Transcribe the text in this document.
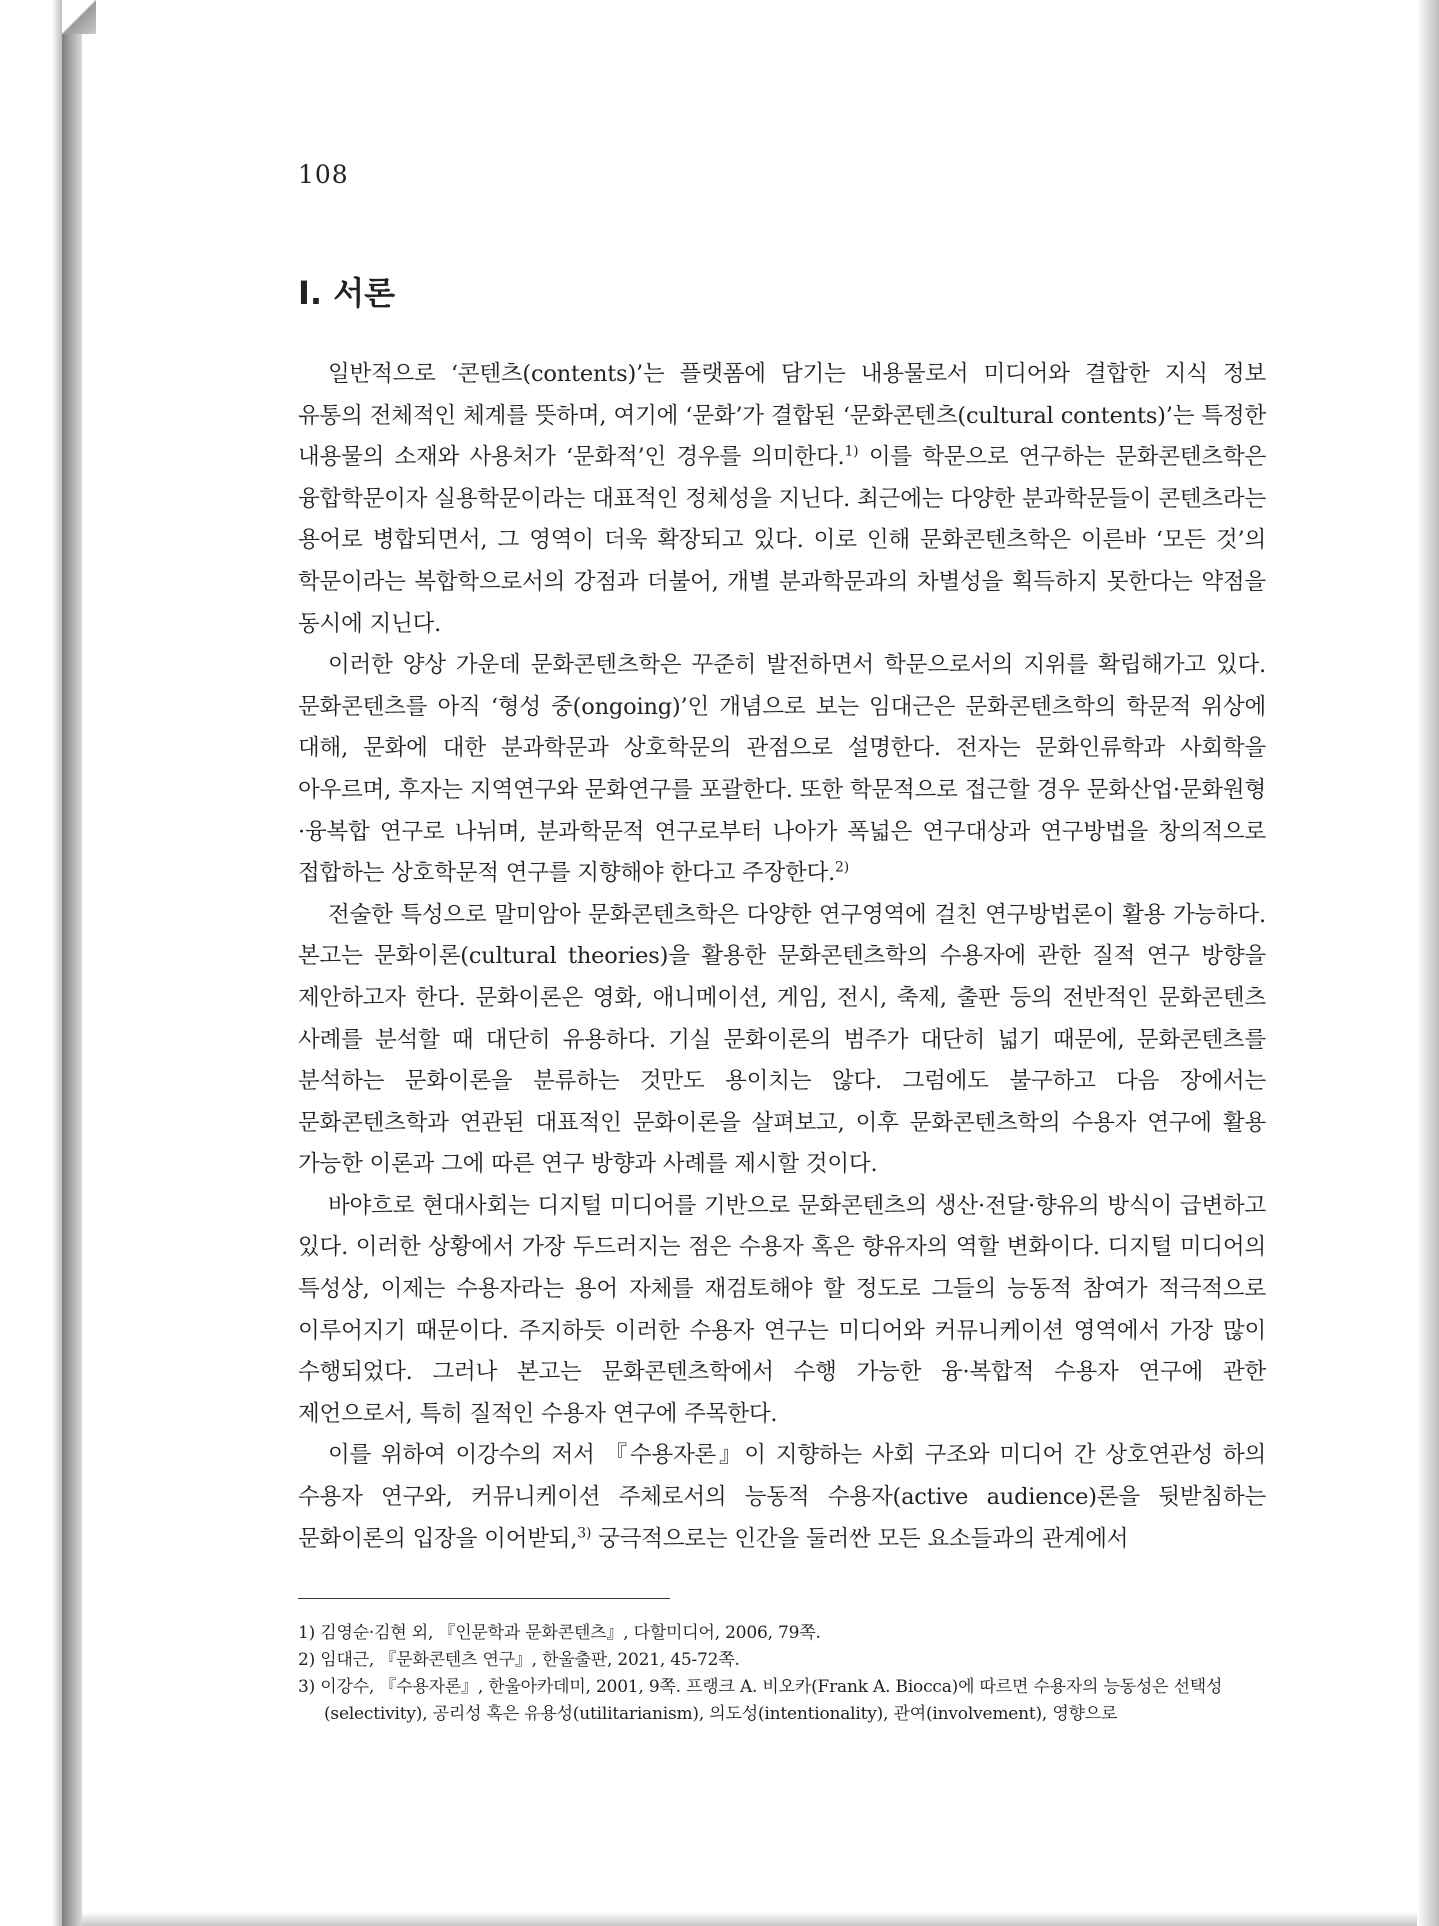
108
Ⅰ. 서론

일반적으로 ‘콘텐츠(contents)’는 플랫폼에 담기는 내용물로서 미디어와 결합한 지식 정보 유통의 전체적인 체계를 뜻하며, 여기에 ‘문화’가 결합된 ‘문화콘텐츠(cultural contents)’는 특정한 내용물의 소재와 사용처가 ‘문화적’인 경우를 의미한다.$^{1)}$ 이를 학문으로 연구하는 문화콘텐츠학은 융합학문이자 실용학문이라는 대표적인 정체성을 지닌다. 최근에는 다양한 분과학문들이 콘텐츠라는 용어로 병합되면서, 그 영역이 더욱 확장되고 있다. 이로 인해 문화콘텐츠학은 이른바 ‘모든 것’의 학문이라는 복합학으로서의 강점과 더불어, 개별 분과학문과의 차별성을 획득하지 못한다는 약점을 동시에 지닌다.

이러한 양상 가운데 문화콘텐츠학은 꾸준히 발전하면서 학문으로서의 지위를 확립해가고 있다. 문화콘텐츠를 아직 ‘형성 중(ongoing)’인 개념으로 보는 임대근은 문화콘텐츠학의 학문적 위상에 대해, 문화에 대한 분과학문과 상호학문의 관점으로 설명한다. 전자는 문화인류학과 사회학을 아우르며, 후자는 지역연구와 문화연구를 포괄한다. 또한 학문적으로 접근할 경우 문화산업·문화원형·융복합 연구로 나뉘며, 분과학문적 연구로부터 나아가 폭넓은 연구대상과 연구방법을 창의적으로 접합하는 상호학문적 연구를 지향해야 한다고 주장한다.$^{2)}$

전술한 특성으로 말미암아 문화콘텐츠학은 다양한 연구영역에 걸친 연구방법론이 활용 가능하다. 본고는 문화이론(cultural theories)을 활용한 문화콘텐츠학의 수용자에 관한 질적 연구 방향을 제안하고자 한다. 문화이론은 영화, 애니메이션, 게임, 전시, 축제, 출판 등의 전반적인 문화콘텐츠 사례를 분석할 때 대단히 유용하다. 기실 문화이론의 범주가 대단히 넓기 때문에, 문화콘텐츠를 분석하는 문화이론을 분류하는 것만도 용이치는 않다. 그럼에도 불구하고 다음 장에서는 문화콘텐츠학과 연관된 대표적인 문화이론을 살펴보고, 이후 문화콘텐츠학의 수용자 연구에 활용 가능한 이론과 그에 따른 연구 방향과 사례를 제시할 것이다.

바야흐로 현대사회는 디지털 미디어를 기반으로 문화콘텐츠의 생산·전달·향유의 방식이 급변하고 있다. 이러한 상황에서 가장 두드러지는 점은 수용자 혹은 향유자의 역할 변화이다. 디지털 미디어의 특성상, 이제는 수용자라는 용어 자체를 재검토해야 할 정도로 그들의 능동적 참여가 적극적으로 이루어지기 때문이다. 주지하듯 이러한 수용자 연구는 미디어와 커뮤니케이션 영역에서 가장 많이 수행되었다. 그러나 본고는 문화콘텐츠학에서 수행 가능한 융·복합적 수용자 연구에 관한 제언으로서, 특히 질적인 수용자 연구에 주목한다.

이를 위하여 이강수의 저서 『수용자론』이 지향하는 사회 구조와 미디어 간 상호연관성 하의 수용자 연구와, 커뮤니케이션 주체로서의 능동적 수용자(active audience)론을 뒷받침하는 문화이론의 입장을 이어받되,$^{3)}$ 궁극적으로는 인간을 둘러싼 모든 요소들과의 관계에서

1) 김영순·김현 외, 『인문학과 문화콘텐츠』, 다할미디어, 2006, 79쪽.

2) 임대근, 『문화콘텐츠 연구』, 한울출판, 2021, 45-72쪽.

3) 이강수, 『수용자론』, 한울아카데미, 2001, 9쪽. 프랭크 A. 비오카(Frank A. Biocca)에 따르면 수용자의 능동성은 선택성(selectivity), 공리성 혹은 유용성(utilitarianism), 의도성(intentionality), 관여(involvement), 영향으로
